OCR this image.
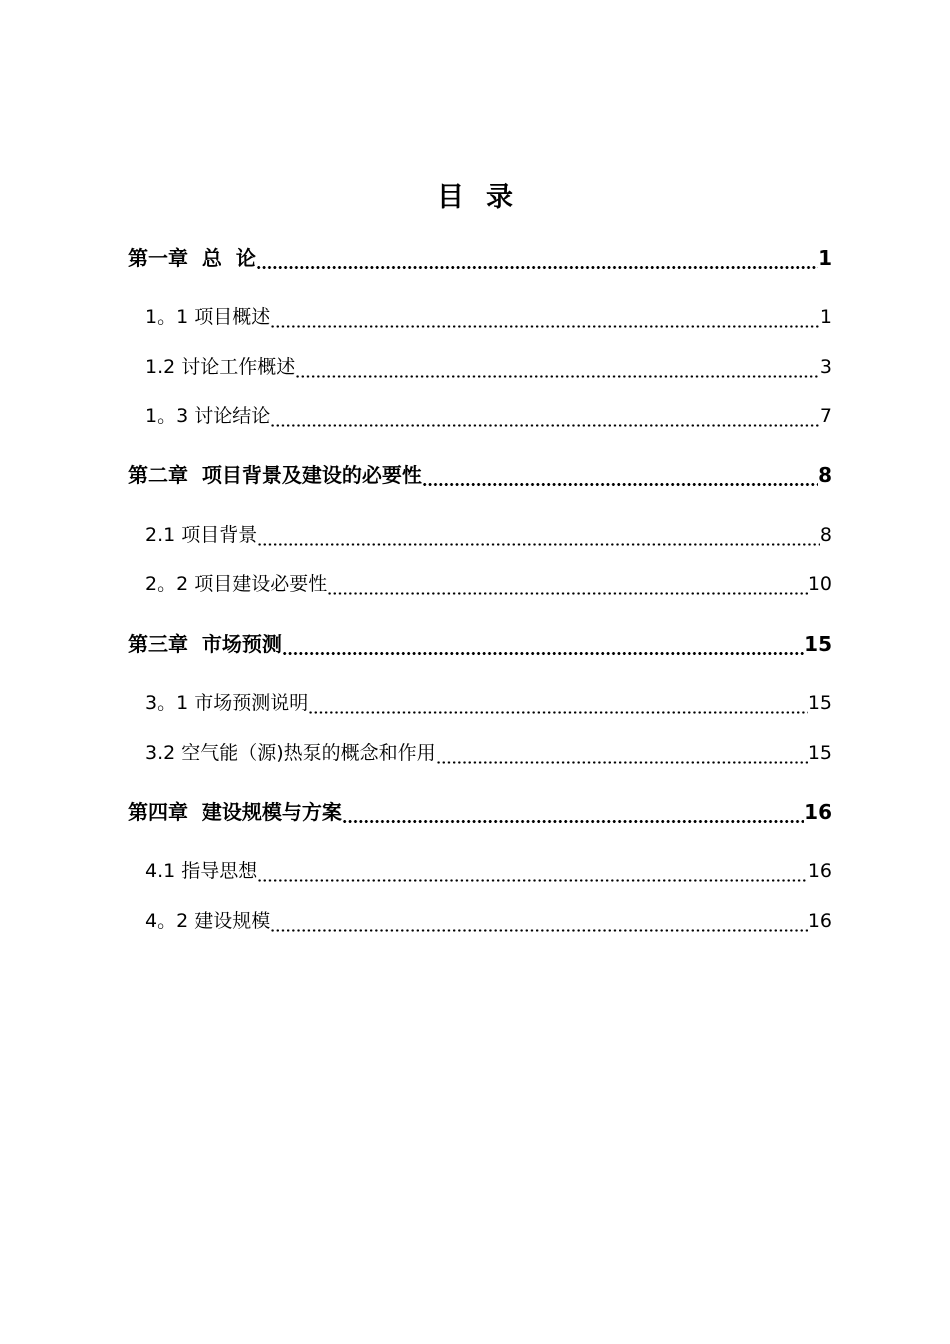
目 录
第一章  总  论	1
1。1 项目概述	1
1.2 讨论工作概述	3
1。3 讨论结论	7
第二章  项目背景及建设的必要性	8
2.1 项目背景	8
2。2 项目建设必要性	10
第三章  市场预测	15
3。1 市场预测说明	15
3.2 空气能（源)热泵的概念和作用	15
第四章  建设规模与方案	16
4.1 指导思想	16
4。2 建设规模	16
